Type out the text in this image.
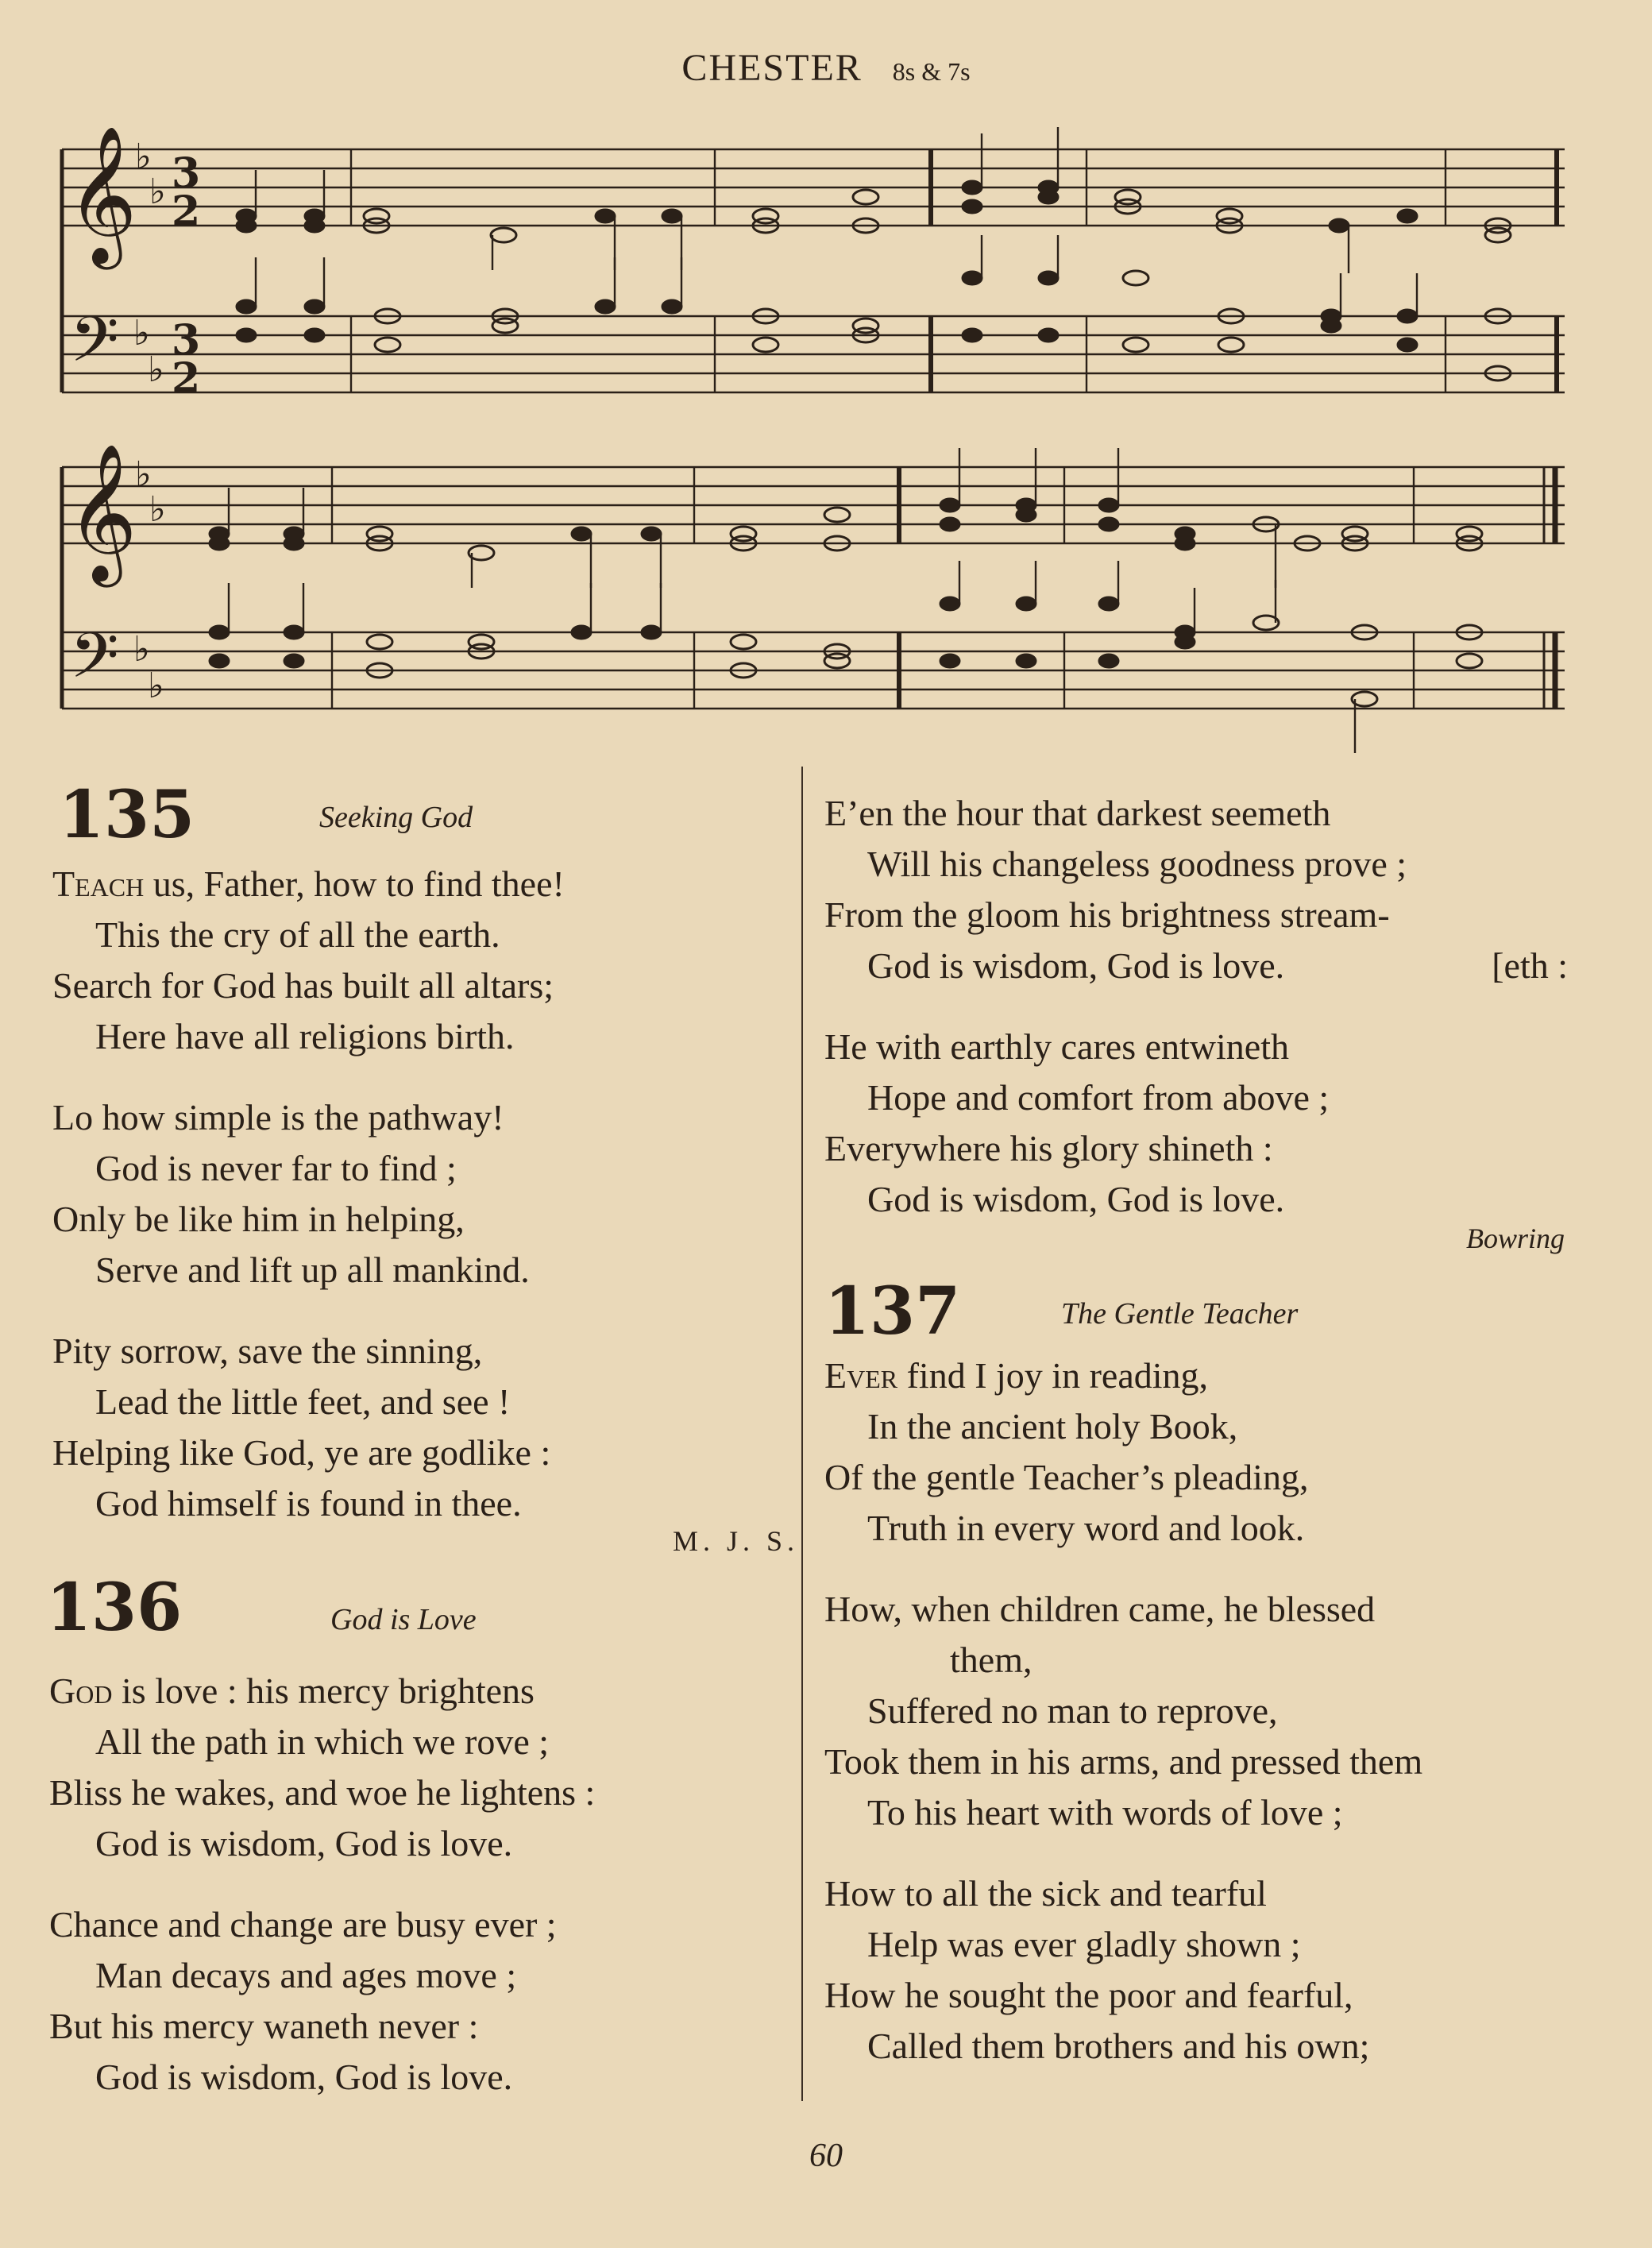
CHESTER 8s & 7s
𝄞
𝄢
𝄞
𝄢
♭
♭
♭
♭
♭
♭
♭
♭
3
2
3
2
135	Seeking God
Teach us, Father, how to find thee!
This the cry of all the earth.
Search for God has built all altars;
Here have all religions birth.
Lo how simple is the pathway!
God is never far to find ;
Only be like him in helping,
Serve and lift up all mankind.
Pity sorrow, save the sinning,
Lead the little feet, and see !
Helping like God, ye are godlike :
God himself is found in thee.
M. J. S.
136	God is Love
God is love : his mercy brightens
All the path in which we rove ;
Bliss he wakes, and woe he lightens :
God is wisdom, God is love.
Chance and change are busy ever ;
Man decays and ages move ;
But his mercy waneth never :
God is wisdom, God is love.
E’en the hour that darkest seemeth
Will his changeless goodness prove ;
From the gloom his brightness stream-
God is wisdom, God is love.	[eth :
He with earthly cares entwineth
Hope and comfort from above ;
Everywhere his glory shineth :
God is wisdom, God is love.
Bowring
137	The Gentle Teacher
Ever find I joy in reading,
In the ancient holy Book,
Of the gentle Teacher’s pleading,
Truth in every word and look.
How, when children came, he blessed
them,
Suffered no man to reprove,
Took them in his arms, and pressed them
To his heart with words of love ;
How to all the sick and tearful
Help was ever gladly shown ;
How he sought the poor and fearful,
Called them brothers and his own;
60
